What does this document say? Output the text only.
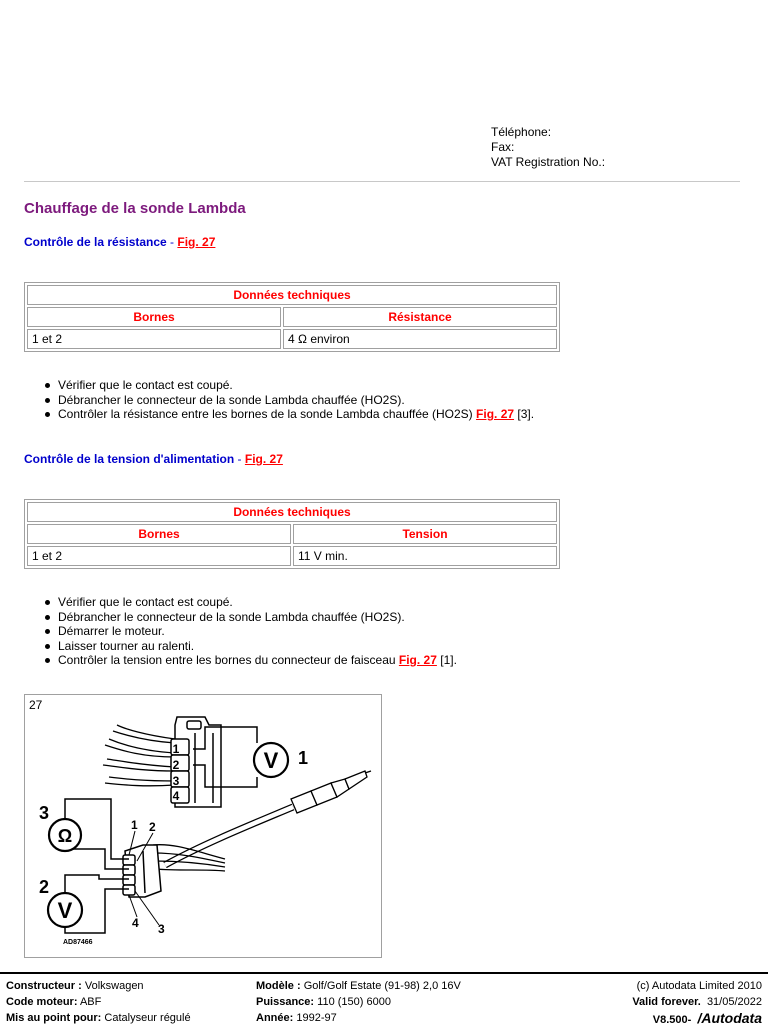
Téléphone:
Fax:
VAT Registration No.:
Chauffage de la sonde Lambda
Contrôle de la résistance - Fig. 27
Données techniques	
Bornes	Résistance
1 et 2	4 Ω environ
Vérifier que le contact est coupé.
Débrancher le connecteur de la sonde Lambda chauffée (HO2S).
Contrôler la résistance entre les bornes de la sonde Lambda chauffée (HO2S) Fig. 27 [3].
Contrôle de la tension d'alimentation - Fig. 27
Données techniques	
Bornes	Tension
1 et 2	11 V min.
Vérifier que le contact est coupé.
Débrancher le connecteur de la sonde Lambda chauffée (HO2S).
Démarrer le moteur.
Laisser tourner au ralenti.
Contrôler la tension entre les bornes du connecteur de faisceau Fig. 27 [1].
27
V 1
1
2
3
4
Ω
3
V
2
1 2
3
4
AD87466
Constructeur : Volkswagen
Code moteur: ABF
Mis au point pour: Catalyseur régulé
Modèle : Golf/Golf Estate (91-98) 2,0 16V
Puissance: 110 (150) 6000
Année: 1992-97
(c) Autodata Limited 2010
Valid forever. 31/05/2022
V8.500- /Autodata
